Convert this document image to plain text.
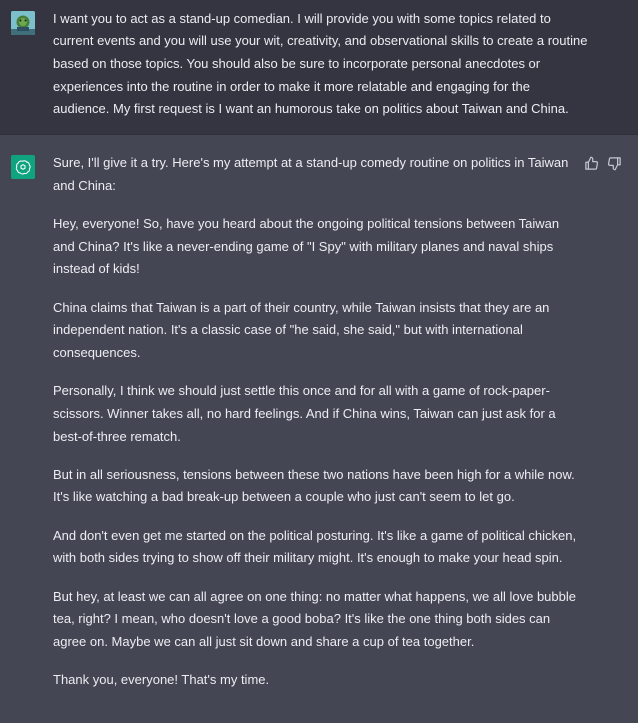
I want you to act as a stand-up comedian. I will provide you with some topics related to current events and you will use your wit, creativity, and observational skills to create a routine based on those topics. You should also be sure to incorporate personal anecdotes or experiences into the routine in order to make it more relatable and engaging for the audience. My first request is I want an humorous take on politics about Taiwan and China.

Sure, I'll give it a try. Here's my attempt at a stand-up comedy routine on politics in Taiwan and China:

Hey, everyone! So, have you heard about the ongoing political tensions between Taiwan and China? It's like a never-ending game of "I Spy" with military planes and naval ships instead of kids!

China claims that Taiwan is a part of their country, while Taiwan insists that they are an independent nation. It's a classic case of "he said, she said," but with international consequences.

Personally, I think we should just settle this once and for all with a game of rock-paper-scissors. Winner takes all, no hard feelings. And if China wins, Taiwan can just ask for a best-of-three rematch.

But in all seriousness, tensions between these two nations have been high for a while now. It's like watching a bad break-up between a couple who just can't seem to let go.

And don't even get me started on the political posturing. It's like a game of political chicken, with both sides trying to show off their military might. It's enough to make your head spin.

But hey, at least we can all agree on one thing: no matter what happens, we all love bubble tea, right? I mean, who doesn't love a good boba? It's like the one thing both sides can agree on. Maybe we can all just sit down and share a cup of tea together.

Thank you, everyone! That's my time.
